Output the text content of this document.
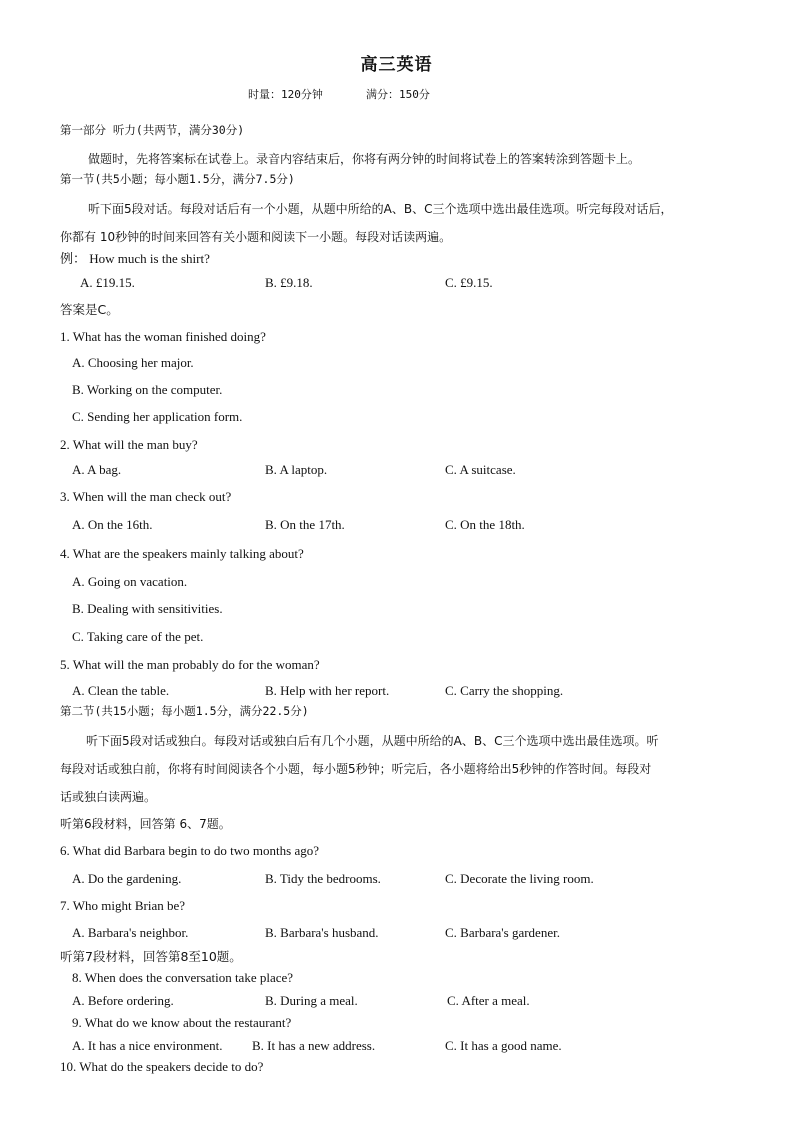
高三英语
时量：120分钟	满分：150分
第一部分 听力(共两节，满分30分)
做题时，先将答案标在试卷上。录音内容结束后，你将有两分钟的时间将试卷上的答案转涂到答题卡上。
第一节(共5小题；每小题1.5分，满分7.5分)
听下面5段对话。每段对话后有一个小题，从题中所给的A、B、C三个选项中选出最佳选项。听完每段对话后，
你都有 10秒钟的时间来回答有关小题和阅读下一小题。每段对话读两遍。
例： How much is the shirt?
A. £19.15.	B. £9.18.	C. £9.15.
答案是C。
1. What has the woman finished doing?
A. Choosing her major.
B. Working on the computer.
C. Sending her application form.
2. What will the man buy?
A. A bag.	B. A laptop.	C. A suitcase.
3. When will the man check out?
A. On the 16th.	B. On the 17th.	C. On the 18th.
4. What are the speakers mainly talking about?
A. Going on vacation.
B. Dealing with sensitivities.
C. Taking care of the pet.
5. What will the man probably do for the woman?
A. Clean the table.	B. Help with her report.	C. Carry the shopping.
第二节(共15小题；每小题1.5分，满分22.5分)
听下面5段对话或独白。每段对话或独白后有几个小题，从题中所给的A、B、C三个选项中选出最佳选项。听
每段对话或独白前，你将有时间阅读各个小题，每小题5秒钟；听完后，各小题将给出5秒钟的作答时间。每段对
话或独白读两遍。
听第6段材料，回答第 6、7题。
6. What did Barbara begin to do two months ago?
A. Do the gardening.	B. Tidy the bedrooms.	C. Decorate the living room.
7. Who might Brian be?
A. Barbara's neighbor.	B. Barbara's husband.	C. Barbara's gardener.
听第7段材料，回答第8至10题。
8. When does the conversation take place?
A. Before ordering.	B. During a meal.	C. After a meal.
9. What do we know about the restaurant?
A. It has a nice environment. B. It has a new address.	C. It has a good name.
10. What do the speakers decide to do?
